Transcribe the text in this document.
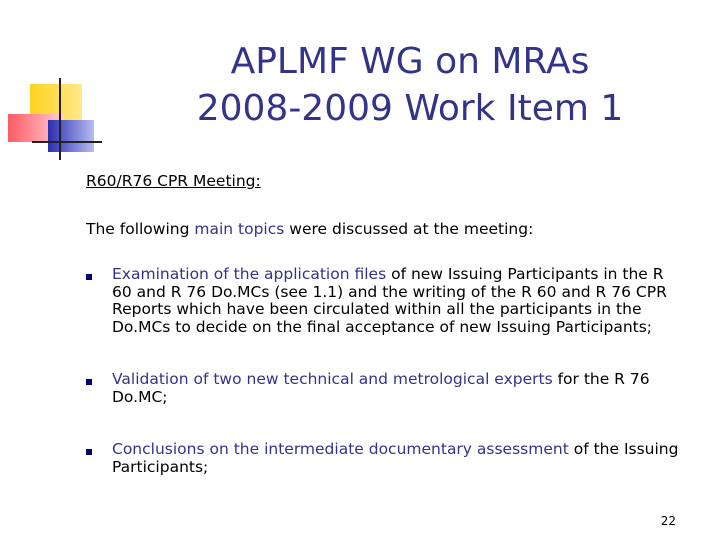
APLMF WG on MRAs
2008-2009 Work Item 1
R60/R76 CPR Meeting:
The following main topics were discussed at the meeting:
Examination of the application files of new Issuing Participants in the R 60 and R 76 Do.MCs (see 1.1) and the writing of the R 60 and R 76 CPR Reports which have been circulated within all the participants in the Do.MCs to decide on the final acceptance of new Issuing Participants;
Validation of two new technical and metrological experts for the R 76 Do.MC;
Conclusions on the intermediate documentary assessment of the Issuing Participants;
22
